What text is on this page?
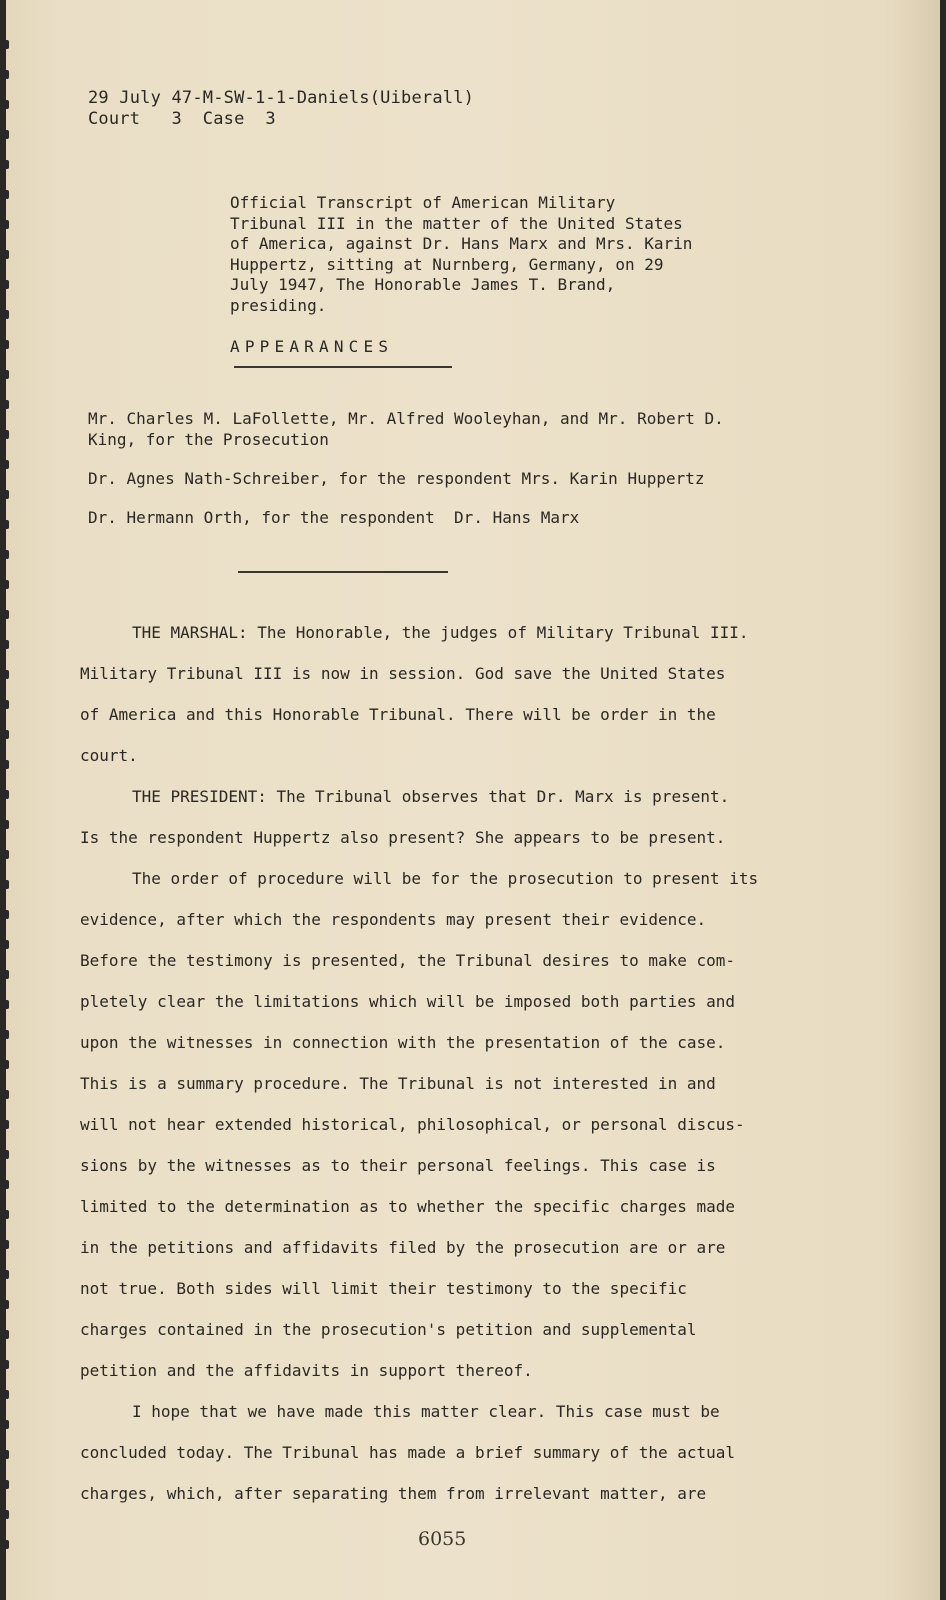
29 July 47-M-SW-1-1-Daniels(Uiberall)
Court   3  Case  3
Official Transcript of American Military
Tribunal III in the matter of the United States
of America, against Dr. Hans Marx and Mrs. Karin
Huppertz, sitting at Nurnberg, Germany, on 29
July 1947, The Honorable James T. Brand,
presiding.
APPEARANCES
Mr. Charles M. LaFollette, Mr. Alfred Wooleyhan, and Mr. Robert D.
King, for the Prosecution
Dr. Agnes Nath-Schreiber, for the respondent Mrs. Karin Huppertz
Dr. Hermann Orth, for the respondent  Dr. Hans Marx

THE MARSHAL: The Honorable, the judges of Military Tribunal III.
Military Tribunal III is now in session. God save the United States
of America and this Honorable Tribunal. There will be order in the
court.

THE PRESIDENT: The Tribunal observes that Dr. Marx is present.
Is the respondent Huppertz also present? She appears to be present.

The order of procedure will be for the prosecution to present its
evidence, after which the respondents may present their evidence.
Before the testimony is presented, the Tribunal desires to make com-
pletely clear the limitations which will be imposed both parties and
upon the witnesses in connection with the presentation of the case.
This is a summary procedure. The Tribunal is not interested in and
will not hear extended historical, philosophical, or personal discus-
sions by the witnesses as to their personal feelings. This case is
limited to the determination as to whether the specific charges made
in the petitions and affidavits filed by the prosecution are or are
not true. Both sides will limit their testimony to the specific
charges contained in the prosecution's petition and supplemental
petition and the affidavits in support thereof.

I hope that we have made this matter clear. This case must be
concluded today. The Tribunal has made a brief summary of the actual
charges, which, after separating them from irrelevant matter, are

6055
